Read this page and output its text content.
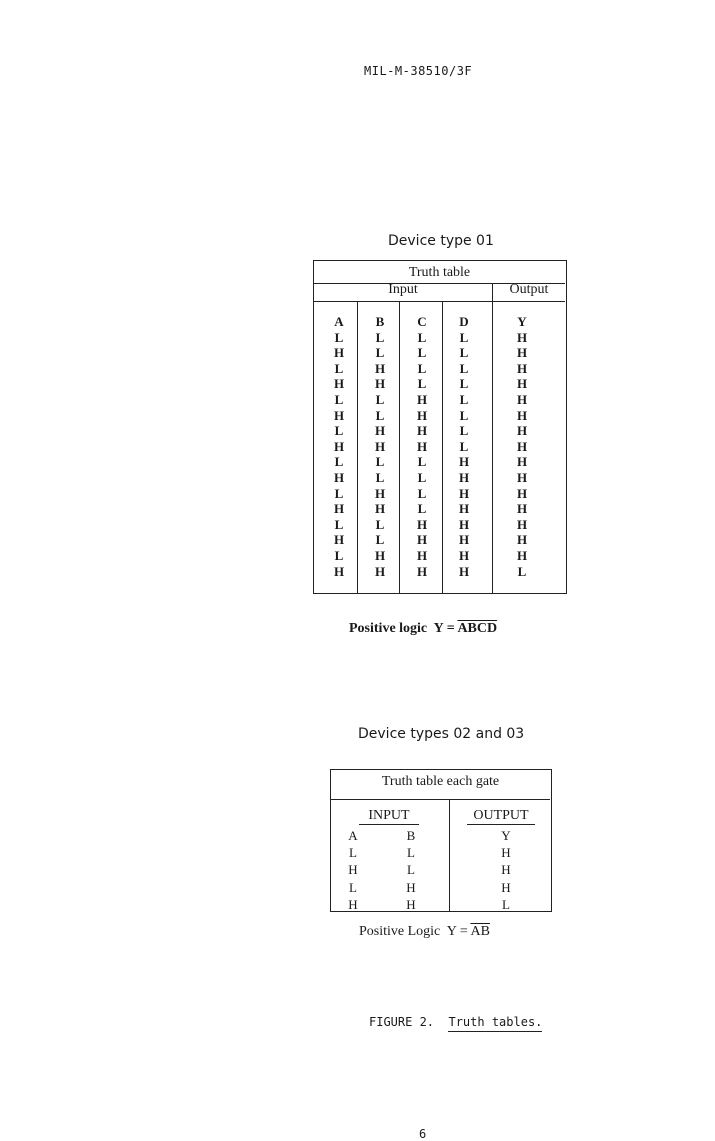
MIL-M-38510/3F
Device type 01
Truth table
Input	Output
A
L
H
L
H
L
H
L
H
L
H
L
H
L
H
L
H
B
L
L
H
H
L
L
H
H
L
L
H
H
L
L
H
H
C
L
L
L
L
H
H
H
H
L
L
L
L
H
H
H
H
D
L
L
L
L
L
L
L
L
H
H
H
H
H
H
H
H
Y
H
H
H
H
H
H
H
H
H
H
H
H
H
H
H
L
Positive logic  Y = ABCD
Device types 02 and 03
Truth table each gate
INPUT	OUTPUT
A
L
H
L
H
B
L
L
H
H
Y
H
H
H
L
Positive Logic  $Y = \overline{AB}$
FIGURE 2. Truth tables.
6
